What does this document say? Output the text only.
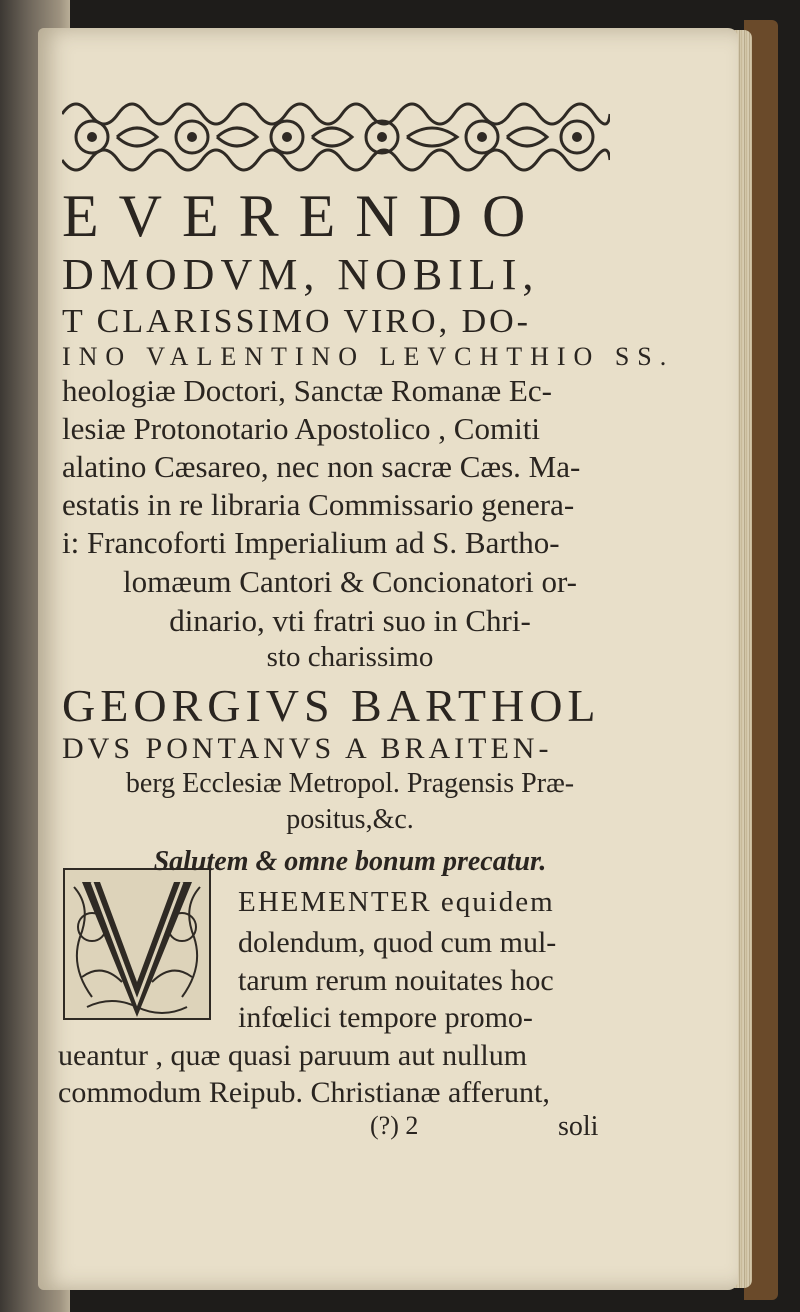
EVERENDO
DMODVM, NOBILI,
T CLARISSIMO VIRO, DO-
INO VALENTINO LEVCHTHIO SS.
heologiæ Doctori, Sanctæ Romanæ Ec-
lesiæ Protonotario Apostolico , Comiti
alatino Cæsareo, nec non sacræ Cæs. Ma-
estatis in re libraria Commissario genera-
i: Francoforti Imperialium ad S. Bartho-
lomæum Cantori & Concionatori or-
dinario, vti fratri suo in Chri-
sto charissimo
GEORGIVS BARTHOL
DVS PONTANVS A BRAITEN-
berg Ecclesiæ Metropol. Pragensis Præ-
positus,&c.
Salutem & omne bonum precatur.
EHEMENTER equidem
dolendum, quod cum mul-
tarum rerum nouitates hoc
infœlici tempore promo-
ueantur , quæ quasi paruum aut nullum
commodum Reipub. Christianæ afferunt,
(?) 2	soli
